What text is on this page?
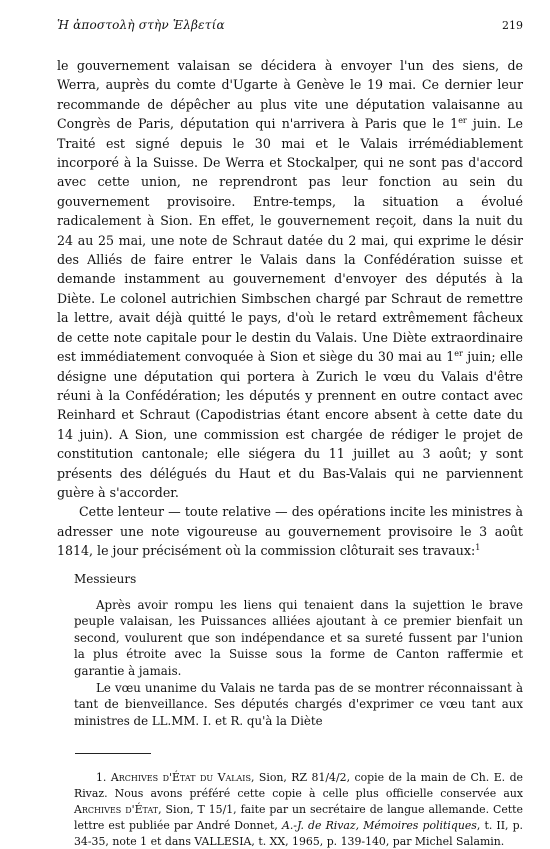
Ἡ ἀποστολὴ στὴν Ἑλβετία	219

le gouvernement valaisan se décidera à envoyer l'un des siens, de Werra, auprès du comte d'Ugarte à Genève le 19 mai. Ce dernier leur recommande de dépêcher au plus vite une députation valaisanne au Congrès de Paris, députation qui n'arrivera à Paris que le 1er juin. Le Traité est signé depuis le 30 mai et le Valais irrémédiablement incorporé à la Suisse. De Werra et Stockalper, qui ne sont pas d'accord avec cette union, ne reprendront pas leur fonction au sein du gouvernement provisoire. Entre-temps, la situation a évolué radicalement à Sion. En effet, le gouvernement reçoit, dans la nuit du 24 au 25 mai, une note de Schraut datée du 2 mai, qui exprime le désir des Alliés de faire entrer le Valais dans la Confédération suisse et demande instamment au gouvernement d'envoyer des députés à la Diète. Le colonel autrichien Simbschen chargé par Schraut de remettre la lettre, avait déjà quitté le pays, d'où le retard extrêmement fâcheux de cette note capitale pour le destin du Valais. Une Diète extraordinaire est immédiatement convoquée à Sion et siège du 30 mai au 1er juin; elle désigne une députation qui portera à Zurich le vœu du Valais d'être réuni à la Confédération; les députés y prennent en outre contact avec Reinhard et Schraut (Capodistrias étant encore absent à cette date du 14 juin). A Sion, une commission est chargée de rédiger le projet de constitution cantonale; elle siégera du 11 juillet au 3 août; y sont présents des délégués du Haut et du Bas-Valais qui ne parviennent guère à s'accorder.

Cette lenteur — toute relative — des opérations incite les ministres à adresser une note vigoureuse au gouvernement provisoire le 3 août 1814, le jour précisément où la commission clôturait ses travaux:$^1$

Messieurs

Après avoir rompu les liens qui tenaient dans la sujettion le brave peuple valaisan, les Puissances alliées ajoutant à ce premier bienfait un second, voulurent que son indépendance et sa sureté fussent par l'union la plus étroite avec la Suisse sous la forme de Canton raffermie et garantie à jamais.

Le vœu unanime du Valais ne tarda pas de se montrer réconnaissant à tant de bienveillance. Ses députés chargés d'exprimer ce vœu tant aux ministres de LL.MM. I. et R. qu'à la Diète

1. Archives d'État du Valais, Sion, RZ 81/4/2, copie de la main de Ch. E. de Rivaz. Nous avons préféré cette copie à celle plus officielle conservée aux Archives d'État, Sion, T 15/1, faite par un secrétaire de langue allemande. Cette lettre est publiée par André Donnet, A.-J. de Rivaz, Mémoires politiques, t. II, p. 34-35, note 1 et dans VALLESIA, t. XX, 1965, p. 139-140, par Michel Salamin.
